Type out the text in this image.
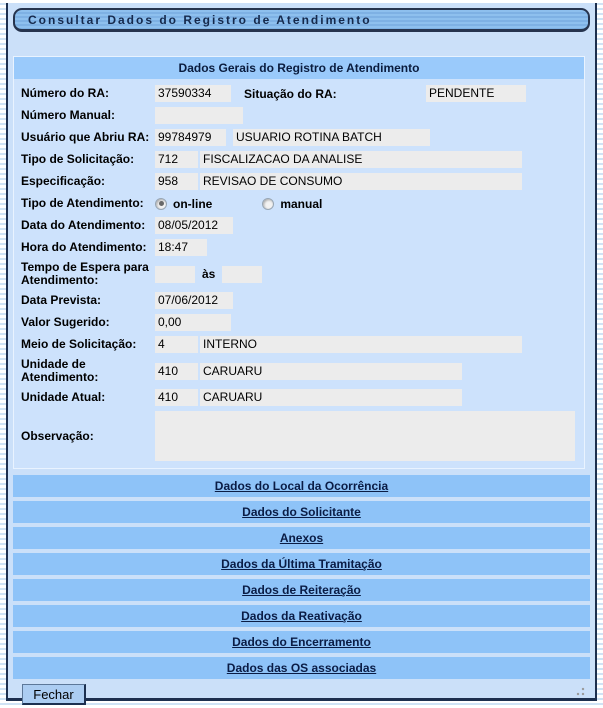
Consultar Dados do Registro de Atendimento
Dados Gerais do Registro de Atendimento
Número do RA:	37590334	Situação do RA:	PENDENTE
Número Manual:
Usuário que Abriu RA: 99784979	USUARIO ROTINA BATCH
Tipo de Solicitação:	712	FISCALIZACAO DA ANALISE
Especificação:	958	REVISAO DE CONSUMO
Tipo de Atendimento:	on-line	manual
Data do Atendimento:	08/05/2012
Hora do Atendimento: 18:47
Tempo de Espera para Atendimento:	às
Data Prevista:	07/06/2012
Valor Sugerido:	0,00
Meio de Solicitação:	4	INTERNO
Unidade de Atendimento:	410	CARUARU
Unidade Atual:	410	CARUARU
Observação:
Dados do Local da Ocorrência
Dados do Solicitante
Anexos
Dados da Última Tramitação
Dados de Reiteração
Dados da Reativação
Dados do Encerramento
Dados das OS associadas
Fechar
